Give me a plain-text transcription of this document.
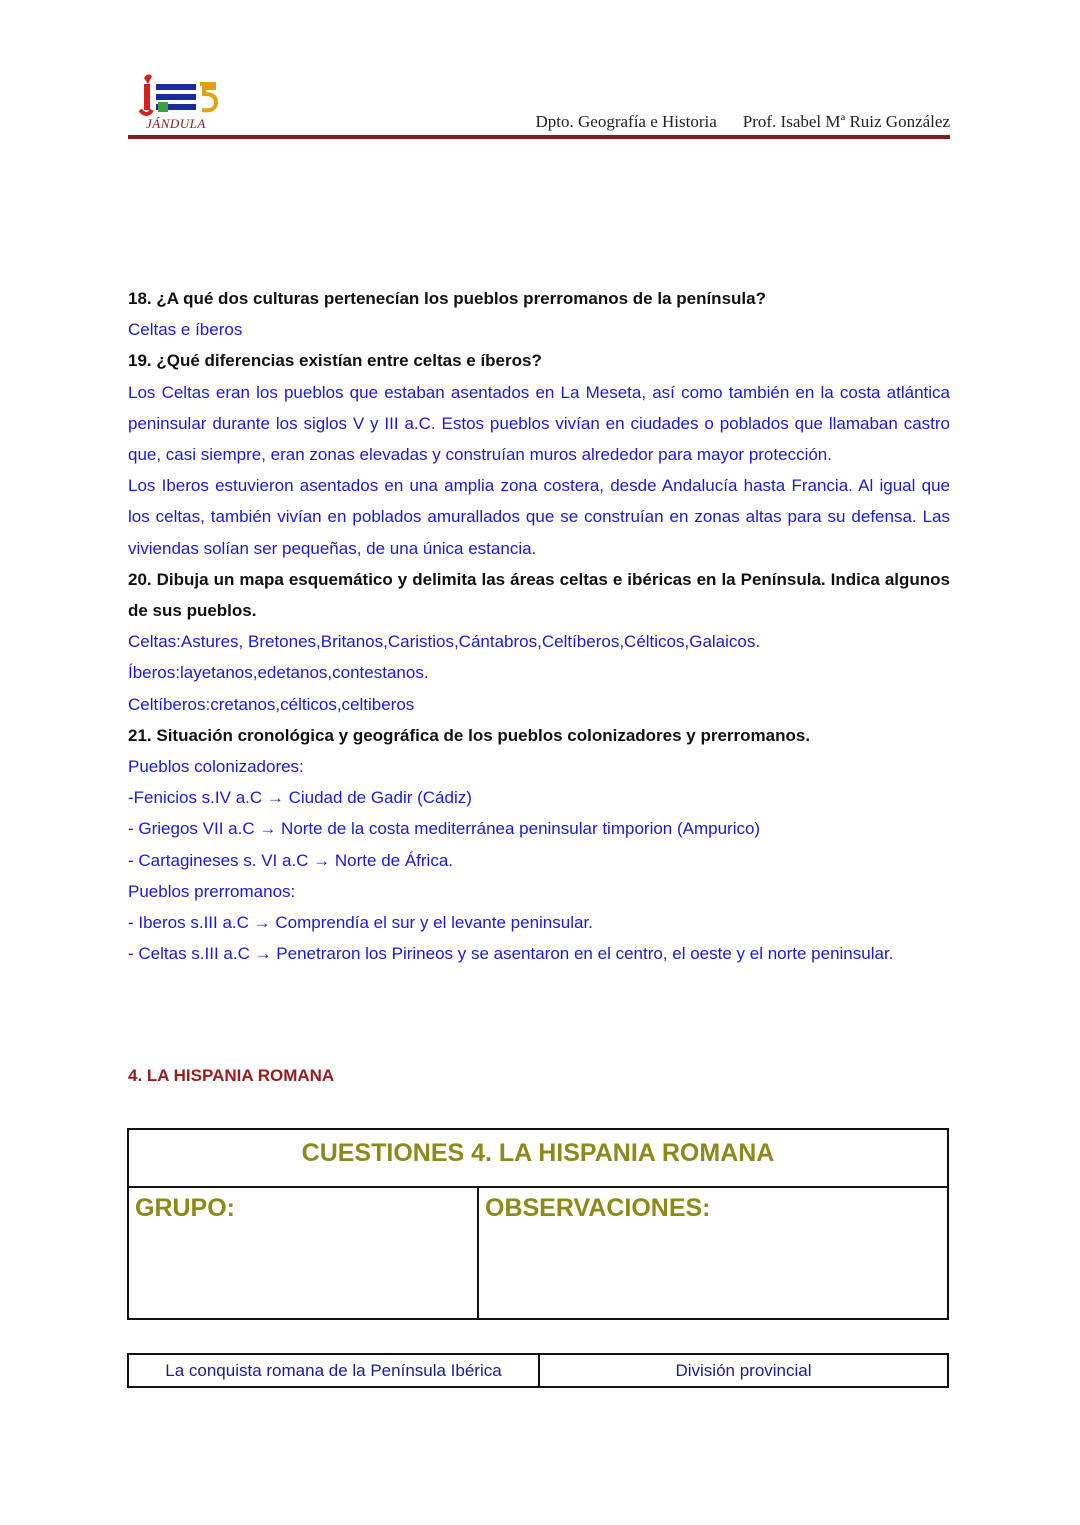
JÁNDULA	Dpto. Geografía e Historia Prof. Isabel Mª Ruiz González
18. ¿A qué dos culturas pertenecían los pueblos prerromanos de la península?
Celtas e íberos
19. ¿Qué diferencias existían entre celtas e íberos?
Los Celtas eran los pueblos que estaban asentados en La Meseta, así como también en la costa atlántica peninsular durante los siglos V y III a.C. Estos pueblos vivían en ciudades o poblados que llamaban castro que, casi siempre, eran zonas elevadas y construían muros alrededor para mayor protección.
Los Iberos estuvieron asentados en una amplia zona costera, desde Andalucía hasta Francia. Al igual que los celtas, también vivían en poblados amurallados que se construían en zonas altas para su defensa. Las viviendas solían ser pequeñas, de una única estancia.
20. Dibuja un mapa esquemático y delimita las áreas celtas e ibéricas en la Península. Indica algunos de sus pueblos.
Celtas:Astures, Bretones,Britanos,Caristios,Cántabros,Celtíberos,Célticos,Galaicos.
Íberos:layetanos,edetanos,contestanos.
Celtíberos:cretanos,célticos,celtiberos
21. Situación cronológica y geográfica de los pueblos colonizadores y prerromanos.
Pueblos colonizadores:
-Fenicios s.IV a.C → Ciudad de Gadir (Cádiz)
- Griegos VII a.C → Norte de la costa mediterránea peninsular timporion (Ampurico)
- Cartagineses s. VI a.C → Norte de África.
Pueblos prerromanos:
- Iberos s.III a.C → Comprendía el sur y el levante peninsular.
- Celtas s.III a.C → Penetraron los Pirineos y se asentaron en el centro, el oeste y el norte peninsular.
4. LA HISPANIA ROMANA
CUESTIONES 4. LA HISPANIA ROMANA
GRUPO:	OBSERVACIONES:
La conquista romana de la Península Ibérica	División provincial
